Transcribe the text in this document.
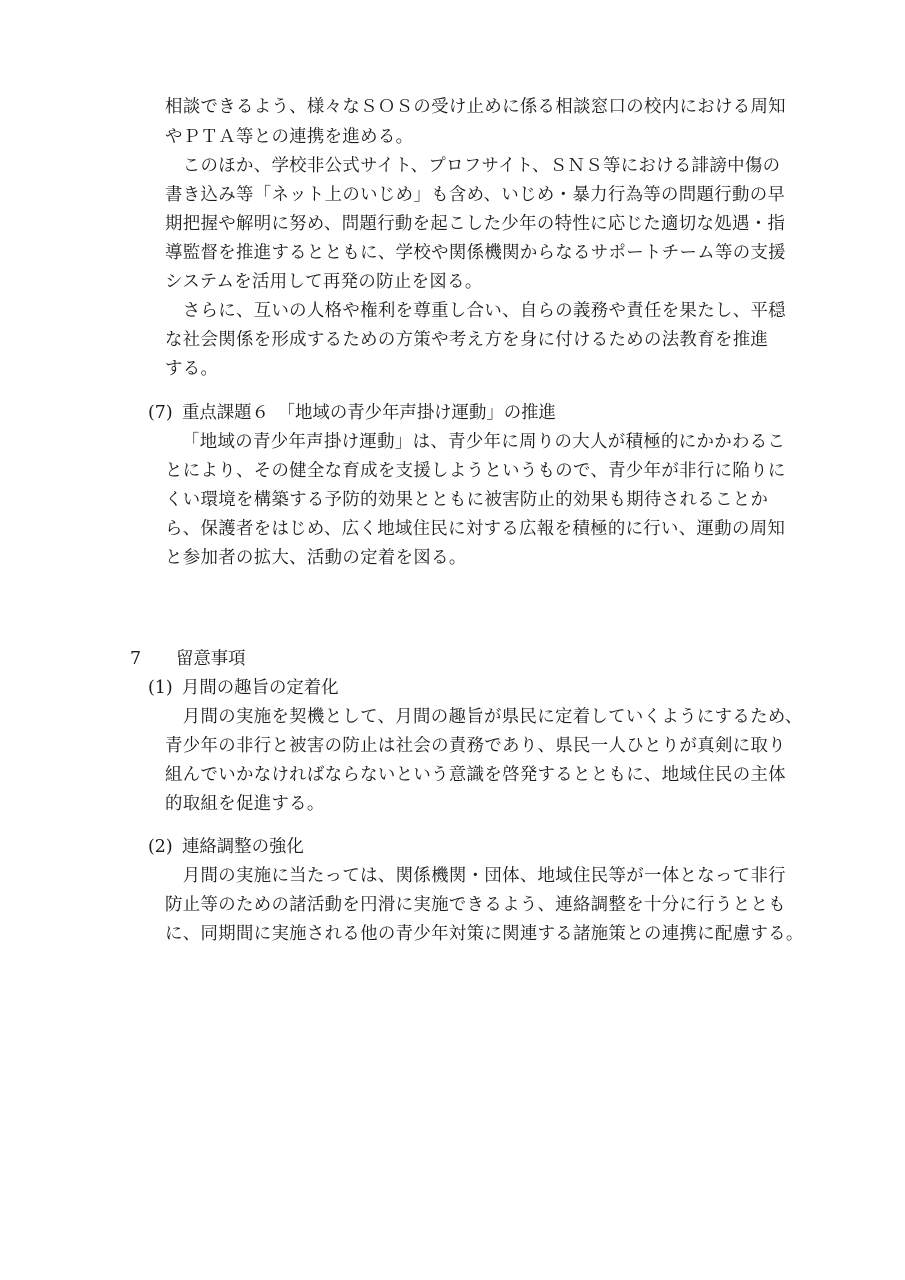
相談できるよう、様々なＳＯＳの受け止めに係る相談窓口の校内における周知
やＰＴＡ等との連携を進める。
　このほか、学校非公式サイト、プロフサイト、ＳＮＳ等における誹謗中傷の
書き込み等「ネット上のいじめ」も含め、いじめ・暴力行為等の問題行動の早
期把握や解明に努め、問題行動を起こした少年の特性に応じた適切な処遇・指
導監督を推進するとともに、学校や関係機関からなるサポートチーム等の支援
システムを活用して再発の防止を図る。
　さらに、互いの人格や権利を尊重し合い、自らの義務や責任を果たし、平穏
な社会関係を形成するための方策や考え方を身に付けるための法教育を推進
する。
(7) 重点課題６　「地域の青少年声掛け運動」の推進
「地域の青少年声掛け運動」は、青少年に周りの大人が積極的にかかわるこ
とにより、その健全な育成を支援しようというもので、青少年が非行に陥りに
くい環境を構築する予防的効果とともに被害防止的効果も期待されることか
ら、保護者をはじめ、広く地域住民に対する広報を積極的に行い、運動の周知
と参加者の拡大、活動の定着を図る。
7 留意事項
(1) 月間の趣旨の定着化
　月間の実施を契機として、月間の趣旨が県民に定着していくようにするため、
青少年の非行と被害の防止は社会の責務であり、県民一人ひとりが真剣に取り
組んでいかなければならないという意識を啓発するとともに、地域住民の主体
的取組を促進する。
(2) 連絡調整の強化
　月間の実施に当たっては、関係機関・団体、地域住民等が一体となって非行
防止等のための諸活動を円滑に実施できるよう、連絡調整を十分に行うととも
に、同期間に実施される他の青少年対策に関連する諸施策との連携に配慮する。
